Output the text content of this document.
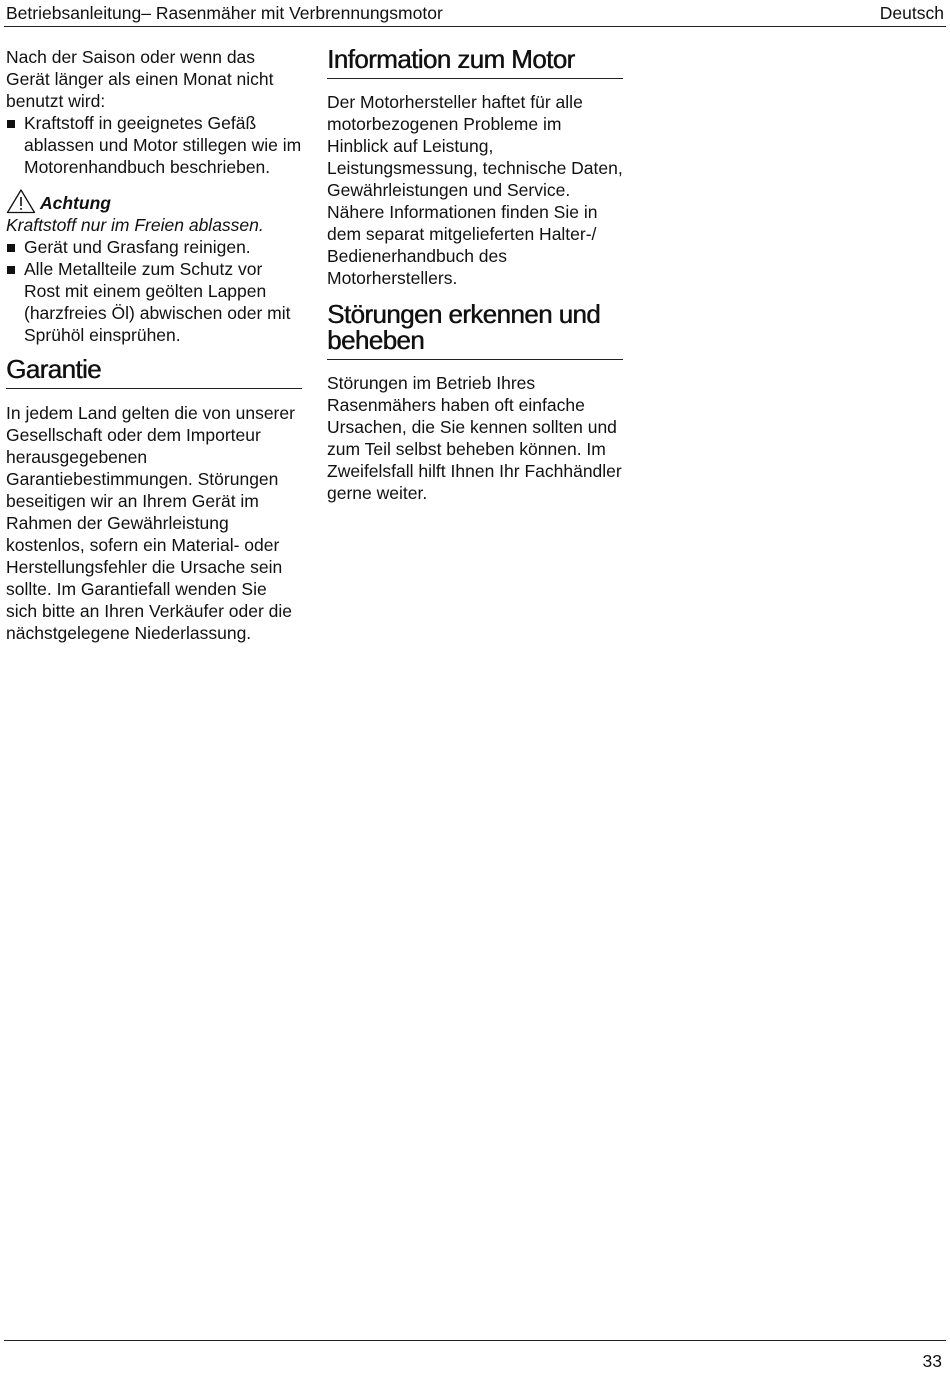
Betriebsanleitung– Rasenmäher mit Verbrennungsmotor	Deutsch

Nach der Saison oder wenn das Gerät länger als einen Monat nicht benutzt wird:

Kraftstoff in geeignetes Gefäß ablassen und Motor stillegen wie im Motorenhandbuch beschrieben.
Achtung
Kraftstoff nur im Freien ablassen.
Gerät und Grasfang reinigen.
Alle Metallteile zum Schutz vor Rost mit einem geölten Lappen (harzfreies Öl) abwischen oder mit Sprühöl einsprühen.
Garantie

In jedem Land gelten die von unserer Gesellschaft oder dem Importeur herausgegebenen Garantiebestimmungen. Störungen beseitigen wir an Ihrem Gerät im Rahmen der Gewährleistung kostenlos, sofern ein Material- oder Herstellungsfehler die Ursache sein sollte. Im Garantiefall wenden Sie sich bitte an Ihren Verkäufer oder die nächstgelegene Niederlassung.

Information zum Motor

Der Motorhersteller haftet für alle motorbezogenen Probleme im Hinblick auf Leistung, Leistungsmessung, technische Daten, Gewährleistungen und Service. Nähere Informationen finden Sie in dem separat mitgelieferten Halter-/ Bedienerhandbuch des Motorherstellers.

Störungen erkennen und beheben

Störungen im Betrieb Ihres Rasenmähers haben oft einfache Ursachen, die Sie kennen sollten und zum Teil selbst beheben können. Im Zweifelsfall hilft Ihnen Ihr Fachhändler gerne weiter.

33
